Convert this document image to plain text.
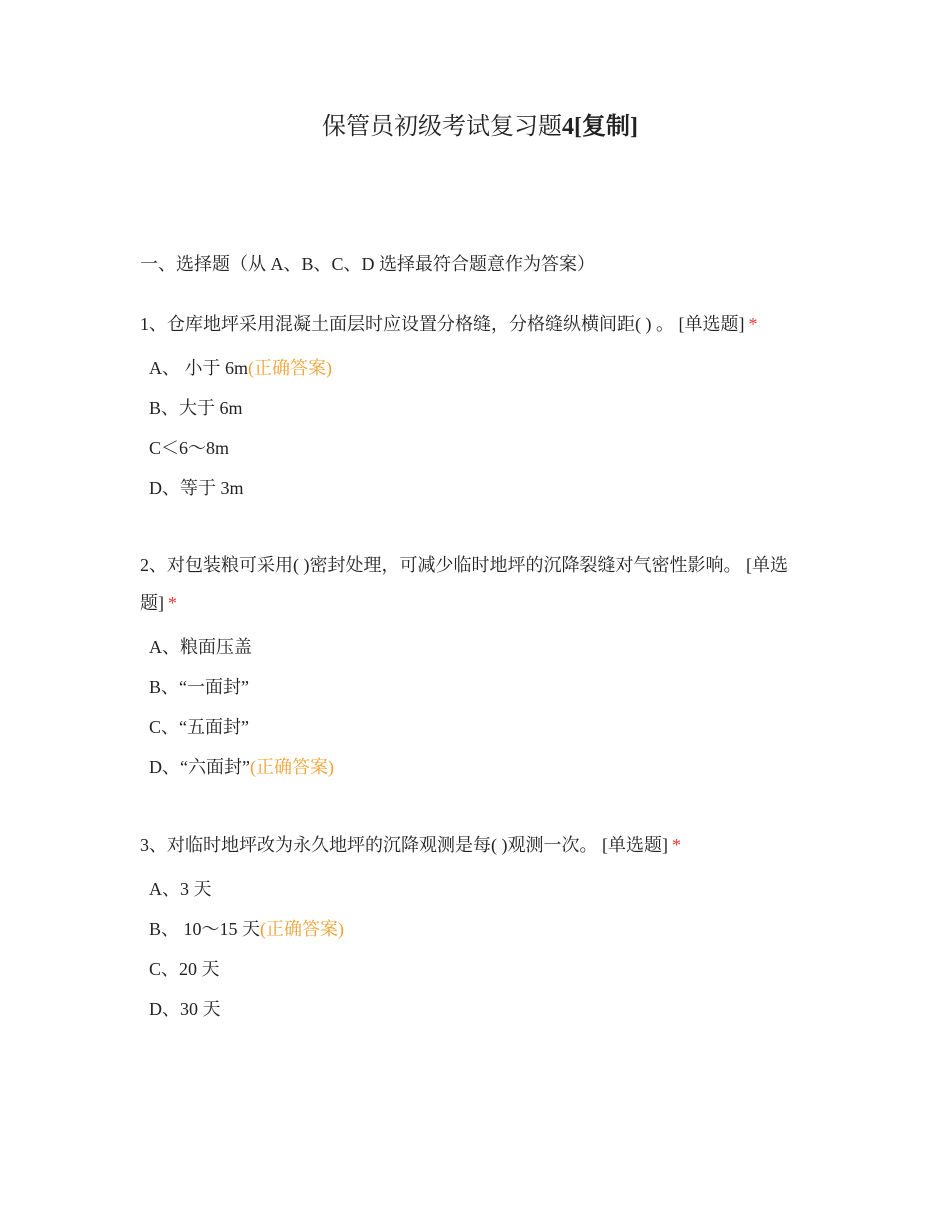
保管员初级考试复习题4[复制]
一、选择题（从 A、B、C、D 选择最符合题意作为答案）

1、仓库地坪采用混凝土面层时应设置分格缝，分格缝纵横间距( ) 。 [单选题] *

A、 小于 6m(正确答案)
B、大于 6m
C＜6～8m
D、等于 3m

2、对包装粮可采用( )密封处理，可减少临时地坪的沉降裂缝对气密性影响。 [单选题] *

A、粮面压盖
B、“一面封”
C、“五面封”
D、“六面封”(正确答案)

3、对临时地坪改为永久地坪的沉降观测是每( )观测一次。 [单选题] *

A、3 天
B、 10～15 天(正确答案)
C、20 天
D、30 天
